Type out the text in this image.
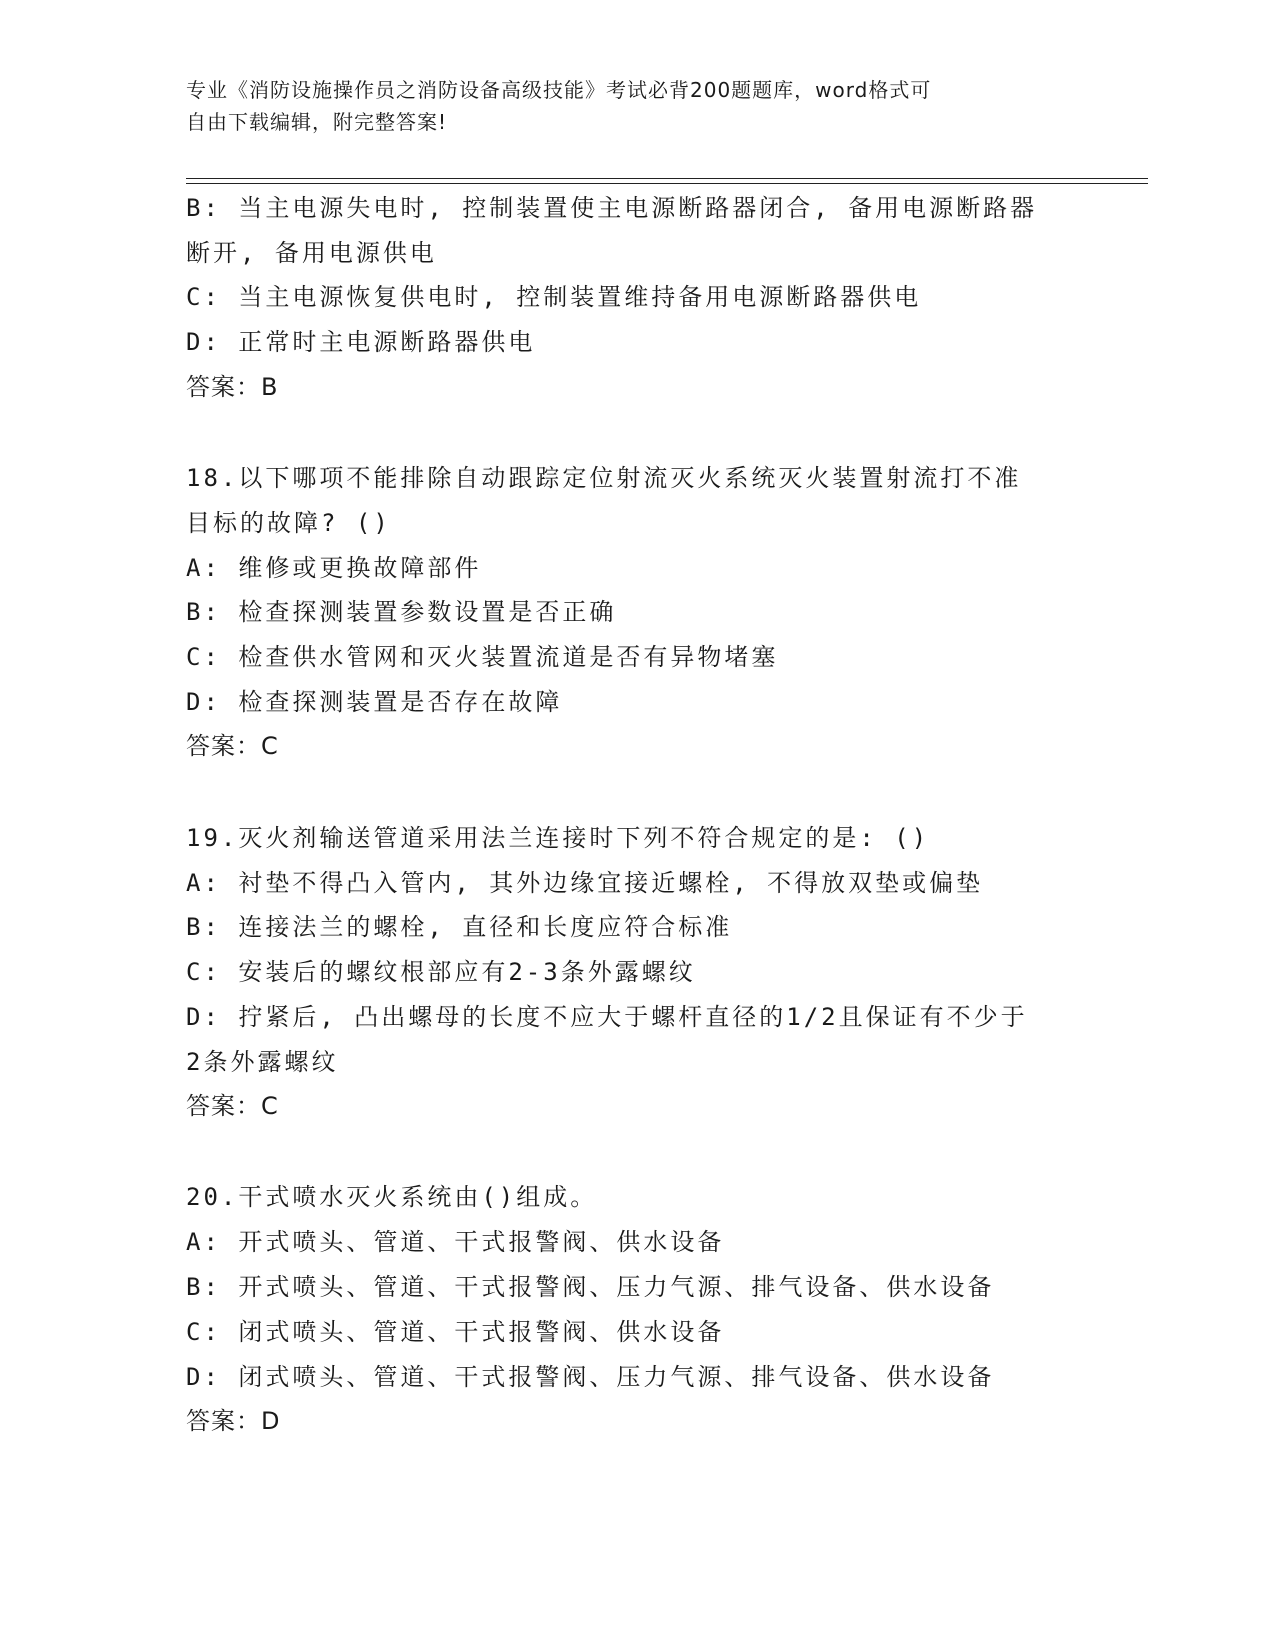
专业《消防设施操作员之消防设备高级技能》考试必背200题题库，word格式可
自由下载编辑，附完整答案!
B: 当主电源失电时, 控制装置使主电源断路器闭合, 备用电源断路器
断开, 备用电源供电
C: 当主电源恢复供电时, 控制装置维持备用电源断路器供电
D: 正常时主电源断路器供电
答案：B
18.以下哪项不能排除自动跟踪定位射流灭火系统灭火装置射流打不准
目标的故障? ()
A: 维修或更换故障部件
B: 检查探测装置参数设置是否正确
C: 检查供水管网和灭火装置流道是否有异物堵塞
D: 检查探测装置是否存在故障
答案：C
19.灭火剂输送管道采用法兰连接时下列不符合规定的是: ()
A: 衬垫不得凸入管内, 其外边缘宜接近螺栓, 不得放双垫或偏垫
B: 连接法兰的螺栓, 直径和长度应符合标准
C: 安装后的螺纹根部应有2-3条外露螺纹
D: 拧紧后, 凸出螺母的长度不应大于螺杆直径的1/2且保证有不少于
2条外露螺纹
答案：C
20.干式喷水灭火系统由()组成。
A: 开式喷头、管道、干式报警阀、供水设备
B: 开式喷头、管道、干式报警阀、压力气源、排气设备、供水设备
C: 闭式喷头、管道、干式报警阀、供水设备
D: 闭式喷头、管道、干式报警阀、压力气源、排气设备、供水设备
答案：D
